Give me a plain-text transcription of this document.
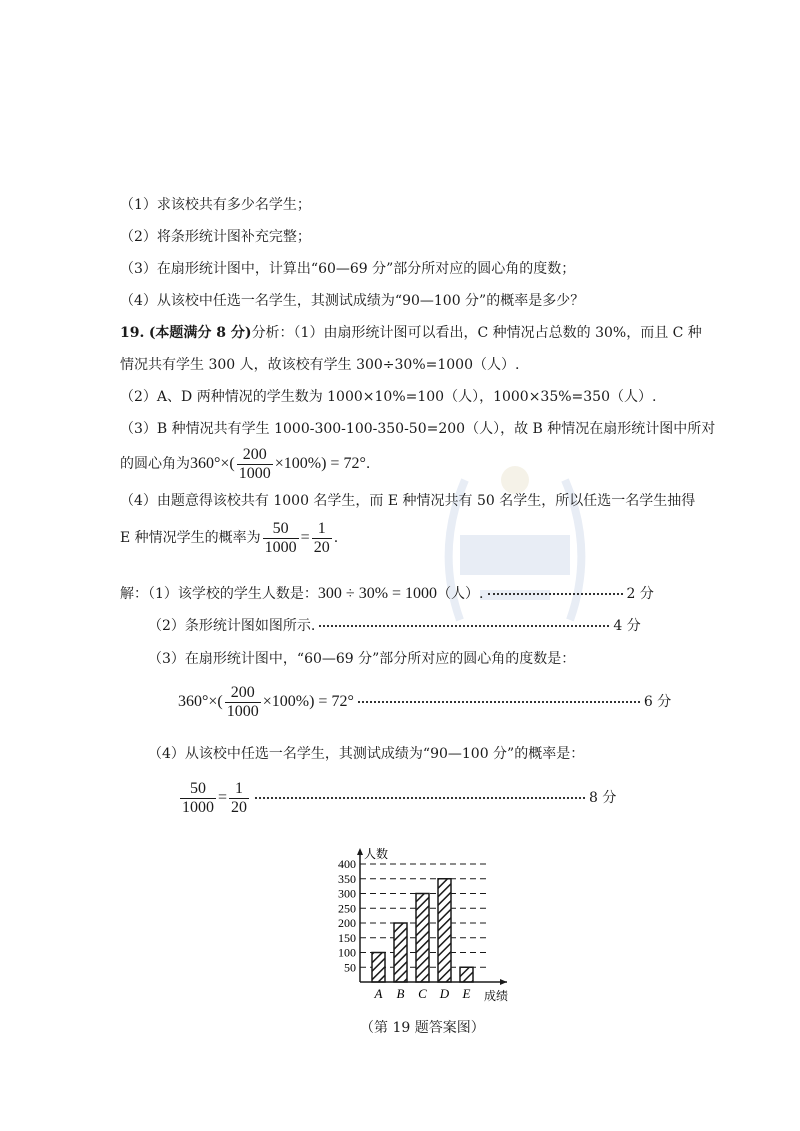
（1）求该校共有多少名学生；
（2）将条形统计图补充完整；
（3）在扇形统计图中，计算出“60—69 分”部分所对应的圆心角的度数；
（4）从该校中任选一名学生，其测试成绩为“90—100 分”的概率是多少？
19. (本题满分 8 分)分析：（1）由扇形统计图可以看出，C 种情况占总数的 30%，而且 C 种
情况共有学生 300 人，故该校有学生 300÷30%=1000（人）.
（2）A、D 两种情况的学生数为 1000×10%=100（人），1000×35%=350（人）.
（3）B 种情况共有学生 1000-300-100-350-50=200（人），故 B 种情况在扇形统计图中所对
的圆心角为$360^\circ\times( \frac{200}{1000} \times 100\%) = 72^\circ$.
（4）由题意得该校共有 1000 名学生，而 E 种情况共有 50 名学生，所以任选一名学生抽得
E 种情况学生的概率为 $\frac{50}{1000} = \frac{1}{20}$ .
解：（1）该学校的学生人数是：300 ÷ 30% = 1000（人）.	2 分
（2）条形统计图如图所示.	4 分
（3）在扇形统计图中，“60—69 分”部分所对应的圆心角的度数是：
$360^\circ\times( \frac{200}{1000} \times 100\%) = 72^\circ$	6 分
（4）从该校中任选一名学生，其测试成绩为“90—100 分”的概率是：
$\frac{50}{1000} = \frac{1}{20}$	8 分
50
100
150
200
250
300
350
400
A B C D E
人数
成绩
（第 19 题答案图）
